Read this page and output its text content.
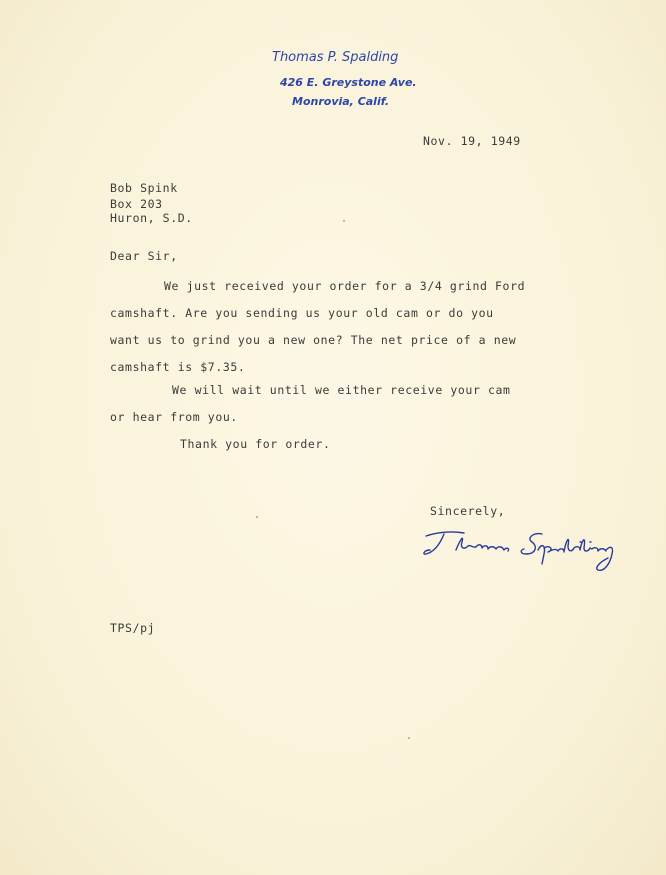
Thomas P. Spalding
426 E. Greystone Ave.
Monrovia, Calif.
Nov. 19, 1949
Bob Spink
Box 203
Huron, S.D.
Dear Sir,
We just received your order for a 3/4 grind Ford
camshaft. Are you sending us your old cam or do you
want us to grind you a new one? The net price of a new
camshaft is $7.35.
We will wait until we either receive your cam
or hear from you.
Thank you for order.
Sincerely,
TPS/pj
